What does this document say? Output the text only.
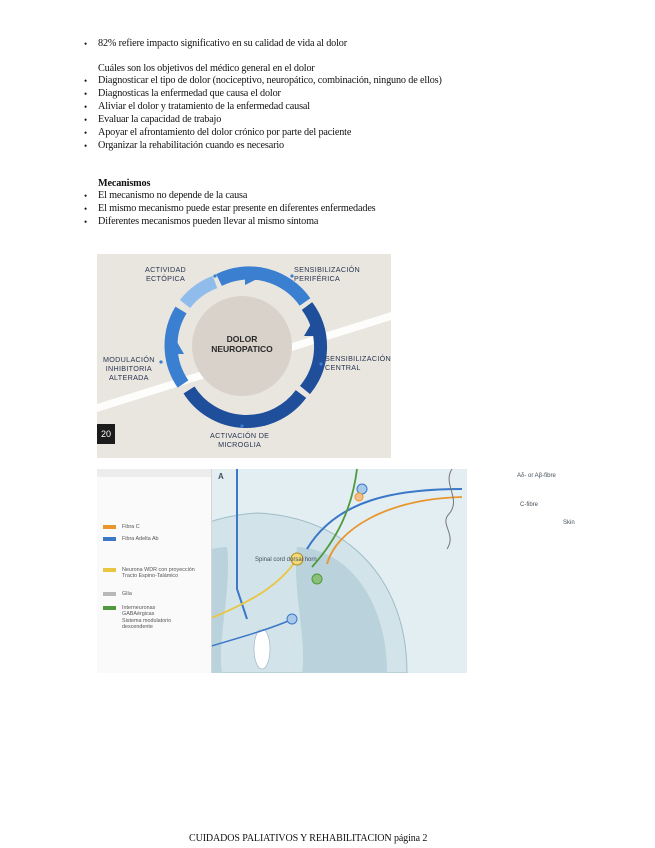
• 82% refiere impacto significativo en su calidad de vida al dolor
Cuáles son los objetivos del médico general en el dolor
• Diagnosticar el tipo de dolor (nociceptivo, neuropático, combinación, ninguno de ellos)
• Diagnosticas la enfermedad que causa el dolor
• Aliviar el dolor y tratamiento de la enfermedad causal
• Evaluar la capacidad de trabajo
• Apoyar el afrontamiento del dolor crónico por parte del paciente
• Organizar la rehabilitación cuando es necesario
Mecanismos
• El mecanismo no depende de la causa
• El mismo mecanismo puede estar presente en diferentes enfermedades
• Diferentes mecanismos pueden llevar al mismo síntoma
DOLOR
NEUROPATICO
ACTIVIDAD
ECTÓPICA
SENSIBILIZACIÓN
PERIFÉRICA
SENSIBILIZACIÓN
CENTRAL
ACTIVACIÓN DE
MICROGLIA
MODULACIÓN
INHIBITORIA
ALTERADA
20
Fibra C
Fibra Adelta Ab
Neurona WDR con proyección
Tracto Espino-Talámico
Glía
Interneuronas
GABAérgicas
Sistema modulatorio
descendente
A
Spinal cord dorsal horn
Aδ- or Aβ-fibre
C-fibre
Skin
CUIDADOS PALIATIVOS Y REHABILITACION página 2
